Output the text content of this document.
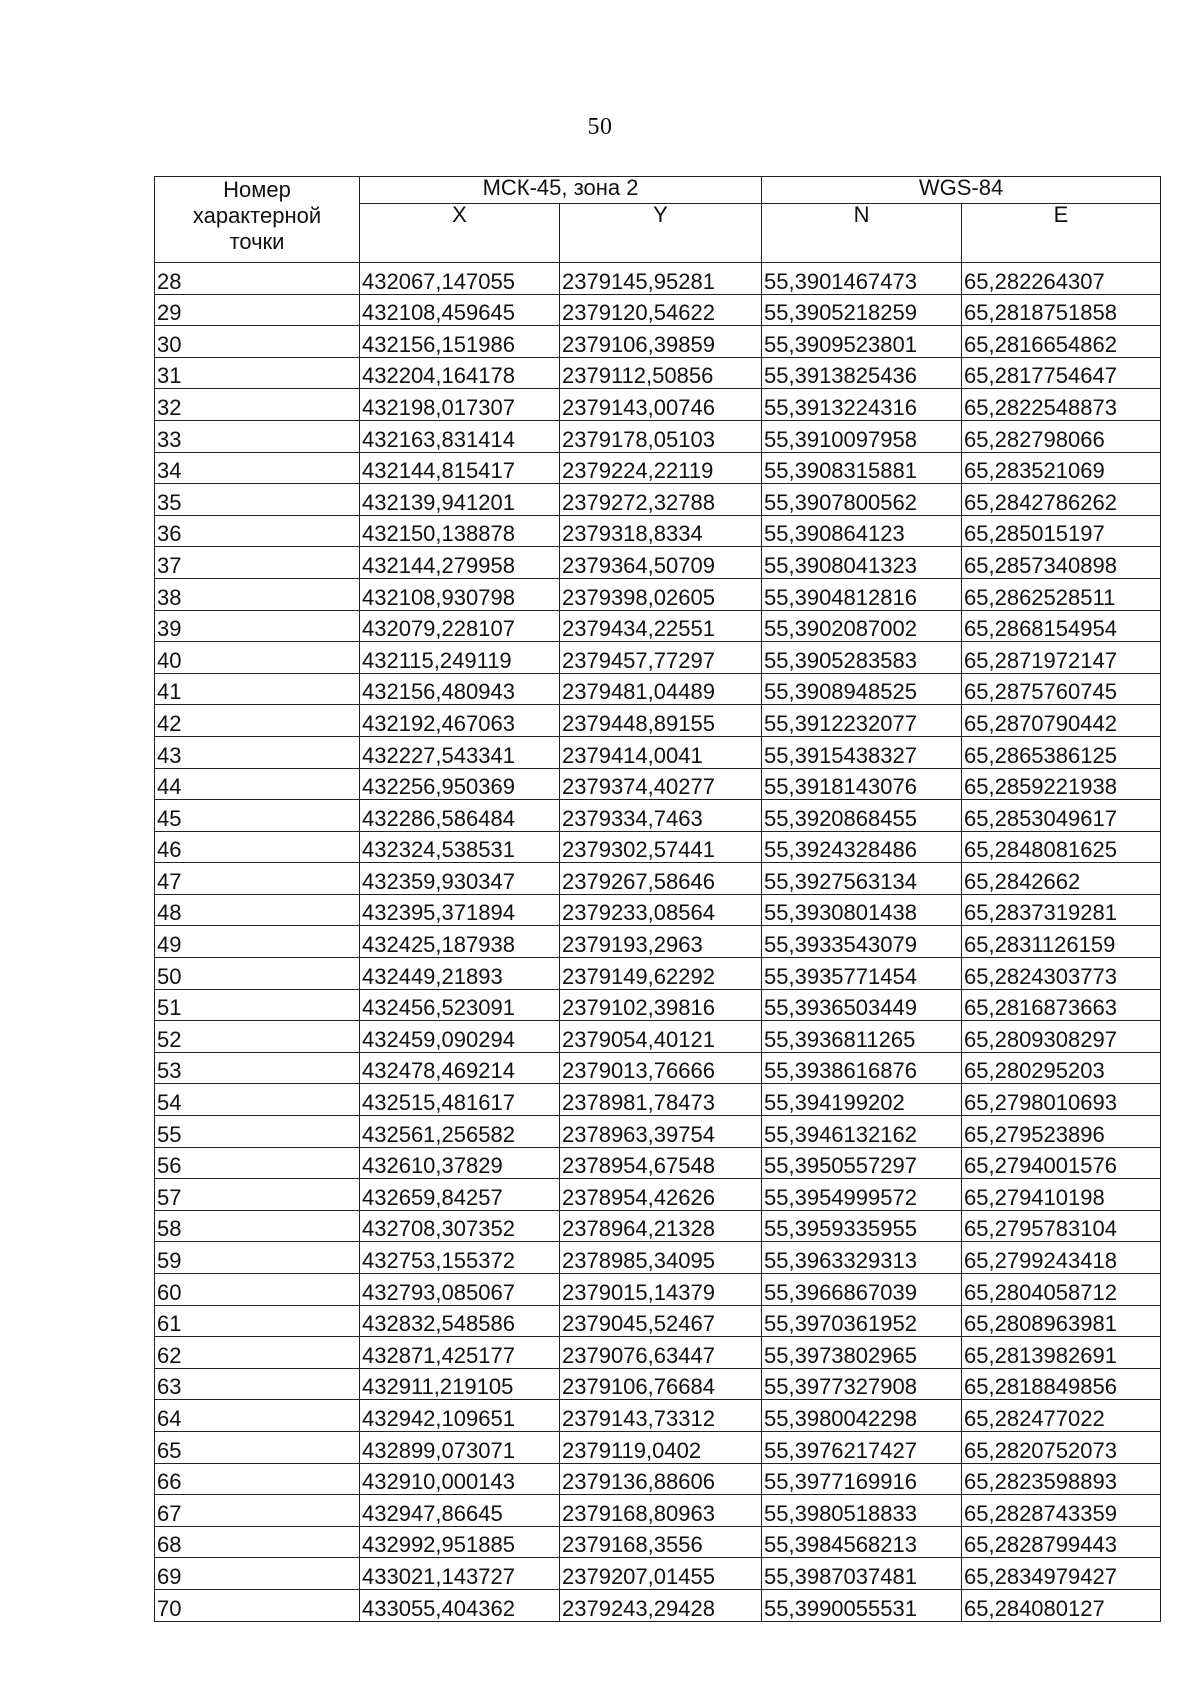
50
Номер
характерной
точки	МСК-45, зона 2		WGS-84	
	X	Y	N	E
28	432067,147055	2379145,95281	55,3901467473	65,282264307
29	432108,459645	2379120,54622	55,3905218259	65,2818751858
30	432156,151986	2379106,39859	55,3909523801	65,2816654862
31	432204,164178	2379112,50856	55,3913825436	65,2817754647
32	432198,017307	2379143,00746	55,3913224316	65,2822548873
33	432163,831414	2379178,05103	55,3910097958	65,282798066
34	432144,815417	2379224,22119	55,3908315881	65,283521069
35	432139,941201	2379272,32788	55,3907800562	65,2842786262
36	432150,138878	2379318,8334	55,390864123	65,285015197
37	432144,279958	2379364,50709	55,3908041323	65,2857340898
38	432108,930798	2379398,02605	55,3904812816	65,2862528511
39	432079,228107	2379434,22551	55,3902087002	65,2868154954
40	432115,249119	2379457,77297	55,3905283583	65,2871972147
41	432156,480943	2379481,04489	55,3908948525	65,2875760745
42	432192,467063	2379448,89155	55,3912232077	65,2870790442
43	432227,543341	2379414,0041	55,3915438327	65,2865386125
44	432256,950369	2379374,40277	55,3918143076	65,2859221938
45	432286,586484	2379334,7463	55,3920868455	65,2853049617
46	432324,538531	2379302,57441	55,3924328486	65,2848081625
47	432359,930347	2379267,58646	55,3927563134	65,2842662
48	432395,371894	2379233,08564	55,3930801438	65,2837319281
49	432425,187938	2379193,2963	55,3933543079	65,2831126159
50	432449,21893	2379149,62292	55,3935771454	65,2824303773
51	432456,523091	2379102,39816	55,3936503449	65,2816873663
52	432459,090294	2379054,40121	55,3936811265	65,2809308297
53	432478,469214	2379013,76666	55,3938616876	65,280295203
54	432515,481617	2378981,78473	55,394199202	65,2798010693
55	432561,256582	2378963,39754	55,3946132162	65,279523896
56	432610,37829	2378954,67548	55,3950557297	65,2794001576
57	432659,84257	2378954,42626	55,3954999572	65,279410198
58	432708,307352	2378964,21328	55,3959335955	65,2795783104
59	432753,155372	2378985,34095	55,3963329313	65,2799243418
60	432793,085067	2379015,14379	55,3966867039	65,2804058712
61	432832,548586	2379045,52467	55,3970361952	65,2808963981
62	432871,425177	2379076,63447	55,3973802965	65,2813982691
63	432911,219105	2379106,76684	55,3977327908	65,2818849856
64	432942,109651	2379143,73312	55,3980042298	65,282477022
65	432899,073071	2379119,0402	55,3976217427	65,2820752073
66	432910,000143	2379136,88606	55,3977169916	65,2823598893
67	432947,86645	2379168,80963	55,3980518833	65,2828743359
68	432992,951885	2379168,3556	55,3984568213	65,2828799443
69	433021,143727	2379207,01455	55,3987037481	65,2834979427
70	433055,404362	2379243,29428	55,3990055531	65,284080127
